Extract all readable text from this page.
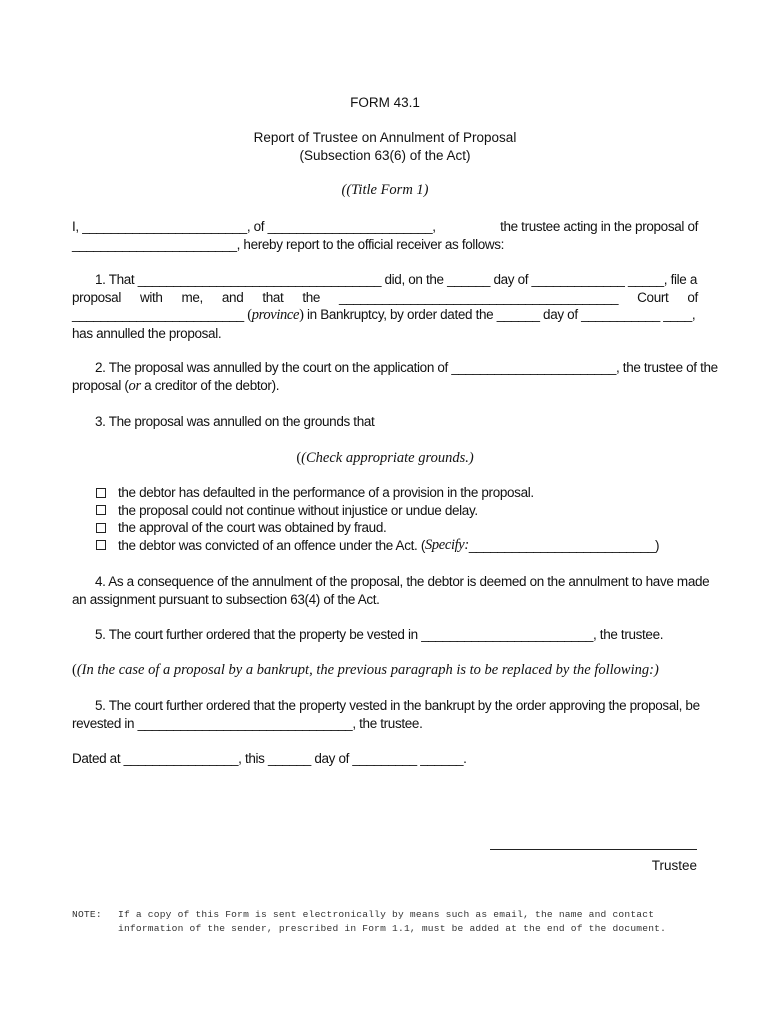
FORM 43.1
Report of Trustee on Annulment of Proposal
(Subsection 63(6) of the Act)
((Title Form 1)
I, _______________________, of _______________________,	the trustee acting in the proposal of
_______________________, hereby report to the official receiver as follows:
1. That __________________________________ did, on the ______ day of _____________ _____, file a
proposal with me, and that the _______________________________________ Court of
________________________ (province) in Bankruptcy, by order dated the ______ day of ___________ ____,
has annulled the proposal.
2. The proposal was annulled by the court on the application of _______________________, the trustee of the
proposal (or a creditor of the debtor).
3. The proposal was annulled on the grounds that
((Check appropriate grounds.)
the debtor has defaulted in the performance of a provision in the proposal.
the proposal could not continue without injustice or undue delay.
the approval of the court was obtained by fraud.
the debtor was convicted of an offence under the Act. ( Specify: __________________________)
4. As a consequence of the annulment of the proposal, the debtor is deemed on the annulment to have made
an assignment pursuant to subsection 63(4) of the Act.
5. The court further ordered that the property be vested in ________________________, the trustee.
((In the case of a proposal by a bankrupt, the previous paragraph is to be replaced by the following:)
5. The court further ordered that the property vested in the bankrupt by the order approving the proposal, be
revested in ______________________________, the trustee.
Dated at ________________, this ______ day of _________ ______.
Trustee
NOTE: If a copy of this Form is sent electronically by means such as email, the name and contact
information of the sender, prescribed in Form 1.1, must be added at the end of the document.
